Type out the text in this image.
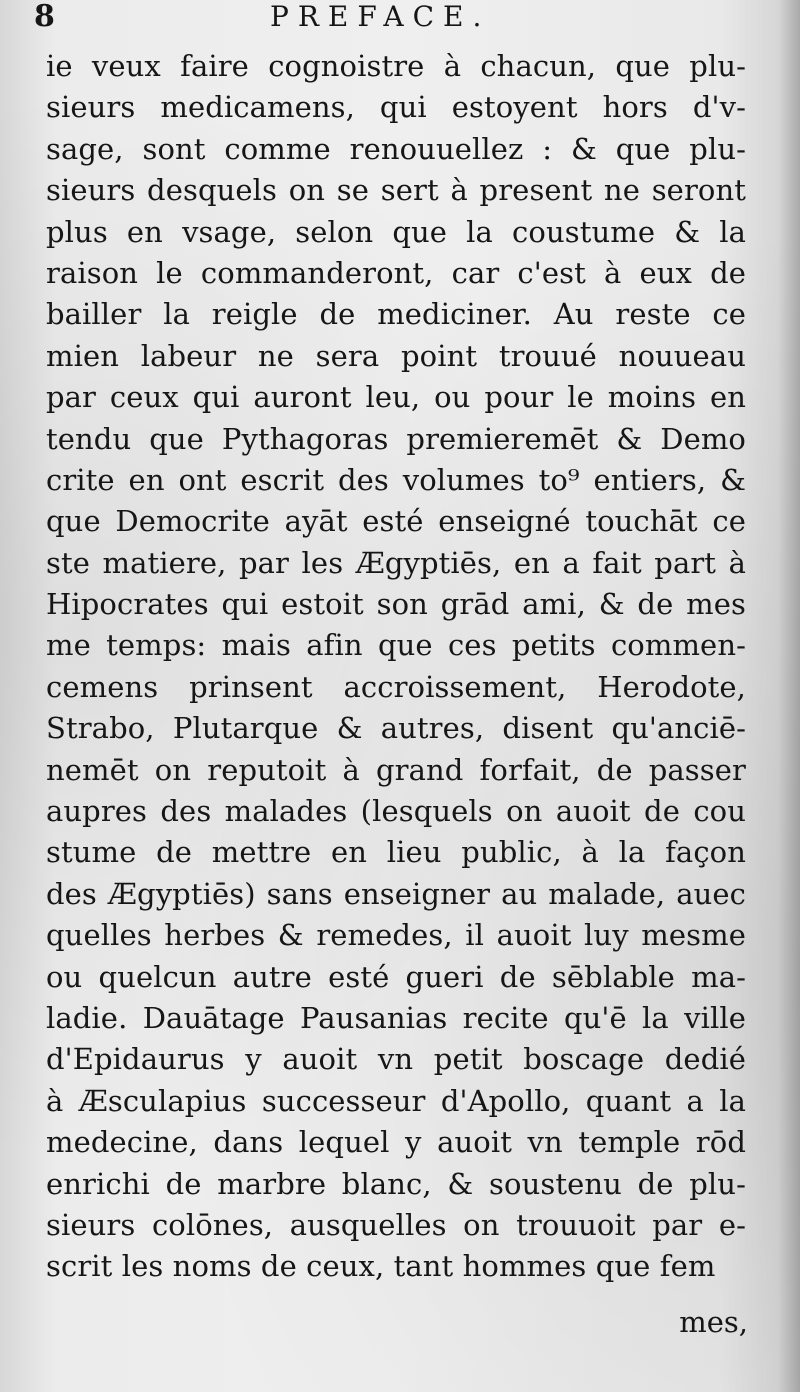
8	PREFACE.
ie veux faire cognoistre à chacun, que plu-
sieurs medicamens, qui estoyent hors d'v-
sage, sont comme renouuellez : & que plu-
sieurs desquels on se sert à present ne seront
plus en vsage, selon que la coustume & la
raison le commanderont, car c'est à eux de
bailler la reigle de mediciner. Au reste ce
mien labeur ne sera point trouué nouueau
par ceux qui auront leu, ou pour le moins en
tendu que Pythagoras premieremēt & Demo
crite en ont escrit des volumes to⁹ entiers, &
que Democrite ayāt esté enseigné touchāt ce
ste matiere, par les Ægyptiēs, en a fait part à
Hipocrates qui estoit son grād ami, & de mes
me temps: mais afin que ces petits commen-
cemens prinsent accroissement, Herodote,
Strabo, Plutarque & autres, disent qu'anciē-
nemēt on reputoit à grand forfait, de passer
aupres des malades (lesquels on auoit de cou
stume de mettre en lieu public, à la façon
des Ægyptiēs) sans enseigner au malade, auec
quelles herbes & remedes, il auoit luy mesme
ou quelcun autre esté gueri de sēblable ma-
ladie. Dauātage Pausanias recite qu'ē la ville
d'Epidaurus y auoit vn petit boscage dedié
à Æsculapius successeur d'Apollo, quant a la
medecine, dans lequel y auoit vn temple rōd
enrichi de marbre blanc, & soustenu de plu-
sieurs colōnes, ausquelles on trouuoit par e-
scrit les noms de ceux, tant hommes que fem
mes,
